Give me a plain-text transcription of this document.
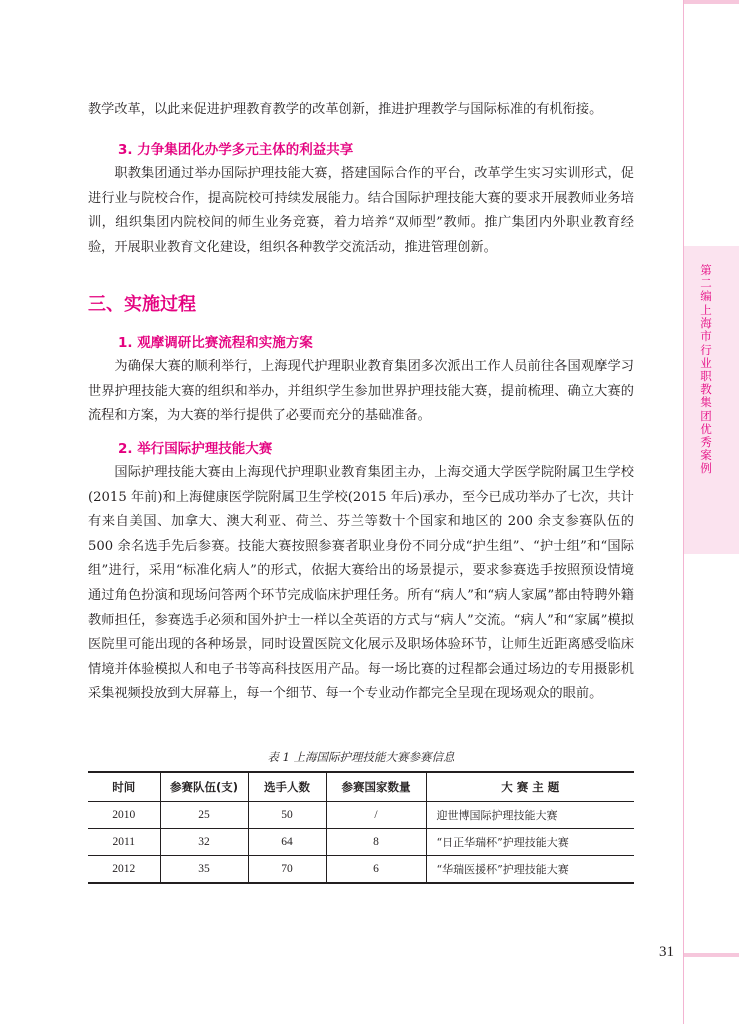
第二编
上海市行业职教集团优秀案例
教学改革，以此来促进护理教育教学的改革创新，推进护理教学与国际标准的有机衔接。
3. 力争集团化办学多元主体的利益共享
职教集团通过举办国际护理技能大赛，搭建国际合作的平台，改革学生实习实训形式，促进行业与院校合作，提高院校可持续发展能力。结合国际护理技能大赛的要求开展教师业务培训，组织集团内院校间的师生业务竞赛，着力培养“双师型”教师。推广集团内外职业教育经验，开展职业教育文化建设，组织各种教学交流活动，推进管理创新。
三、实施过程
1. 观摩调研比赛流程和实施方案
为确保大赛的顺利举行，上海现代护理职业教育集团多次派出工作人员前往各国观摩学习世界护理技能大赛的组织和举办，并组织学生参加世界护理技能大赛，提前梳理、确立大赛的流程和方案，为大赛的举行提供了必要而充分的基础准备。
2. 举行国际护理技能大赛
国际护理技能大赛由上海现代护理职业教育集团主办，上海交通大学医学院附属卫生学校(2015 年前)和上海健康医学院附属卫生学校(2015 年后)承办，至今已成功举办了七次，共计有来自美国、加拿大、澳大利亚、荷兰、芬兰等数十个国家和地区的 200 余支参赛队伍的 500 余名选手先后参赛。技能大赛按照参赛者职业身份不同分成“护生组”、“护士组”和“国际组”进行，采用“标准化病人”的形式，依据大赛给出的场景提示，要求参赛选手按照预设情境通过角色扮演和现场问答两个环节完成临床护理任务。所有“病人”和“病人家属”都由特聘外籍教师担任，参赛选手必须和国外护士一样以全英语的方式与“病人”交流。“病人”和“家属”模拟医院里可能出现的各种场景，同时设置医院文化展示及职场体验环节，让师生近距离感受临床情境并体验模拟人和电子书等高科技医用产品。每一场比赛的过程都会通过场边的专用摄影机采集视频投放到大屏幕上，每一个细节、每一个专业动作都完全呈现在现场观众的眼前。
表 1 上海国际护理技能大赛参赛信息
时间	参赛队伍(支)	选手人数	参赛国家数量	大 赛 主 题
2010	25	50	/	迎世博国际护理技能大赛
2011	32	64	8	“日正华瑞杯”护理技能大赛
2012	35	70	6	“华瑞医援杯”护理技能大赛
31
